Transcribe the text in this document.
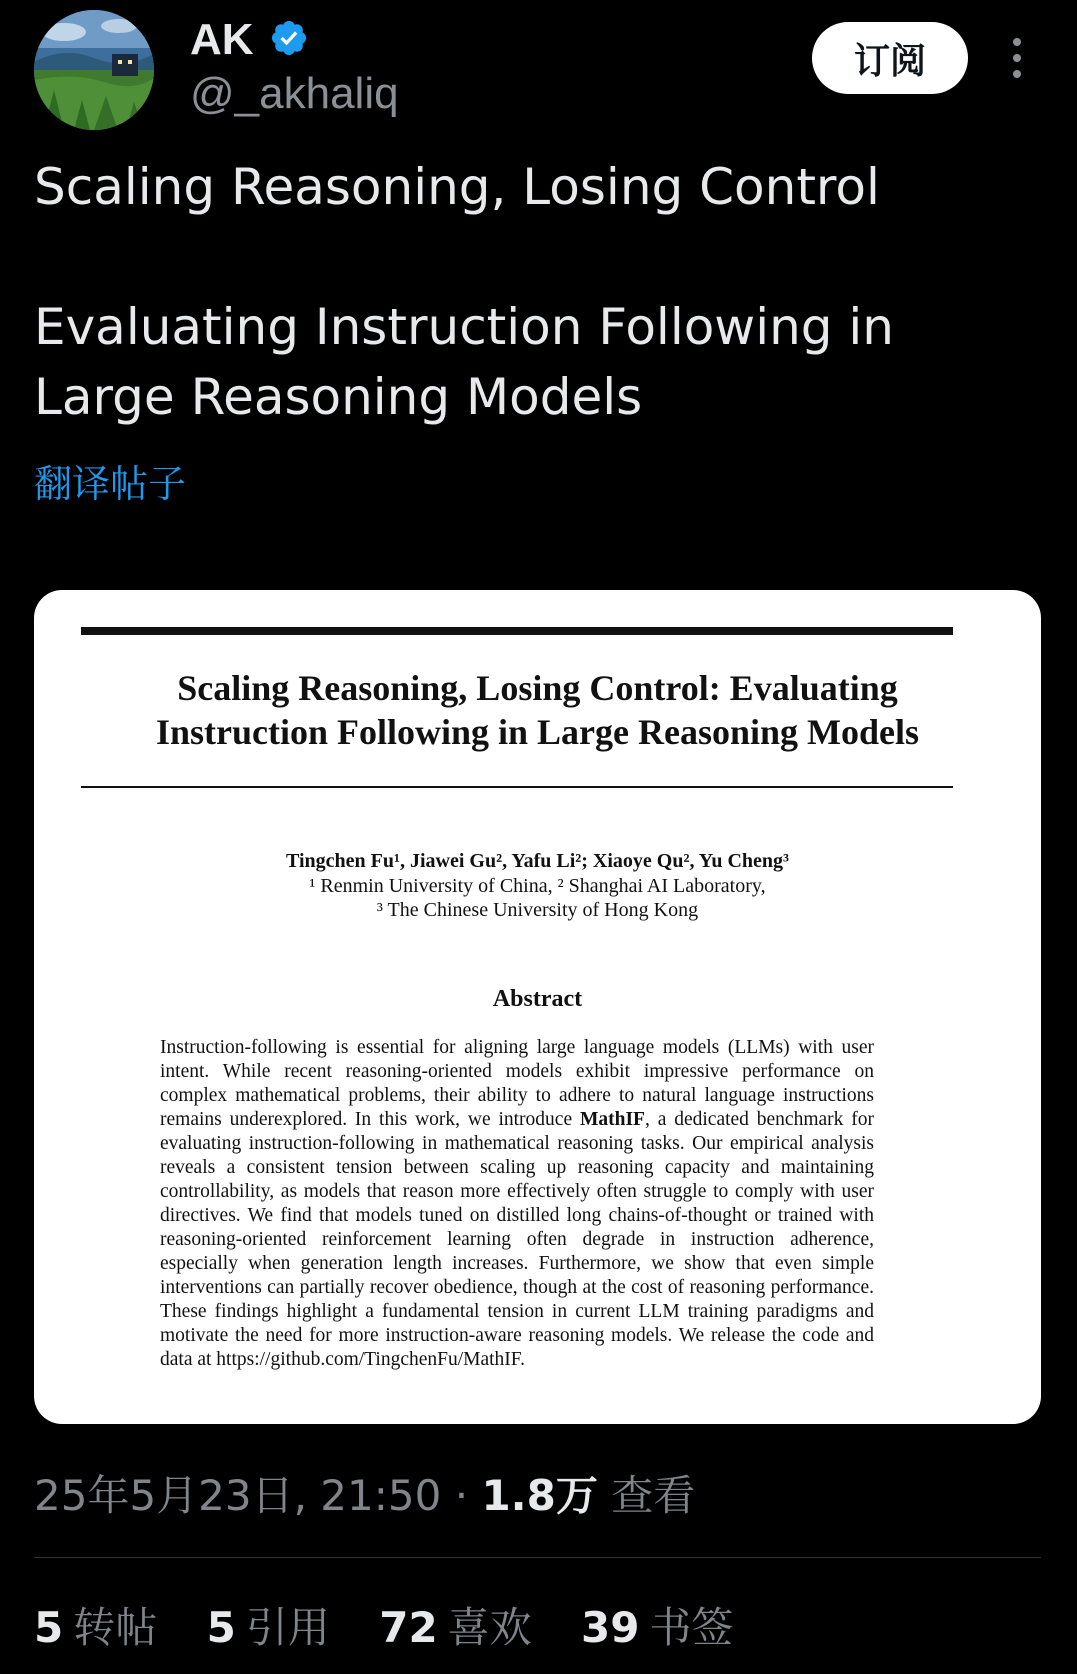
AK
@_akhaliq
订阅

Scaling Reasoning, Losing Control

Evaluating Instruction Following in Large Reasoning Models

翻译帖子
Scaling Reasoning, Losing Control: Evaluating
Instruction Following in Large Reasoning Models
Tingchen Fu¹, Jiawei Gu², Yafu Li²; Xiaoye Qu², Yu Cheng³
¹ Renmin University of China, ² Shanghai AI Laboratory,
³ The Chinese University of Hong Kong
Abstract

Instruction-following is essential for aligning large language models (LLMs) with user intent. While recent reasoning-oriented models exhibit impressive performance on complex mathematical problems, their ability to adhere to natural language instructions remains underexplored. In this work, we introduce MathIF, a dedicated benchmark for evaluating instruction-following in mathematical reasoning tasks. Our empirical analysis reveals a consistent tension between scaling up reasoning capacity and maintaining controllability, as models that reason more effectively often struggle to comply with user directives. We find that models tuned on distilled long chains-of-thought or trained with reasoning-oriented reinforcement learning often degrade in instruction adherence, especially when generation length increases. Furthermore, we show that even simple interventions can partially recover obedience, though at the cost of reasoning performance. These findings highlight a fundamental tension in current LLM training paradigms and motivate the need for more instruction-aware reasoning models. We release the code and data at https://github.com/TingchenFu/MathIF.

25年5月23日, 21:50 · 1.8万 查看
5 转帖 5 引用 72 喜欢 39 书签
